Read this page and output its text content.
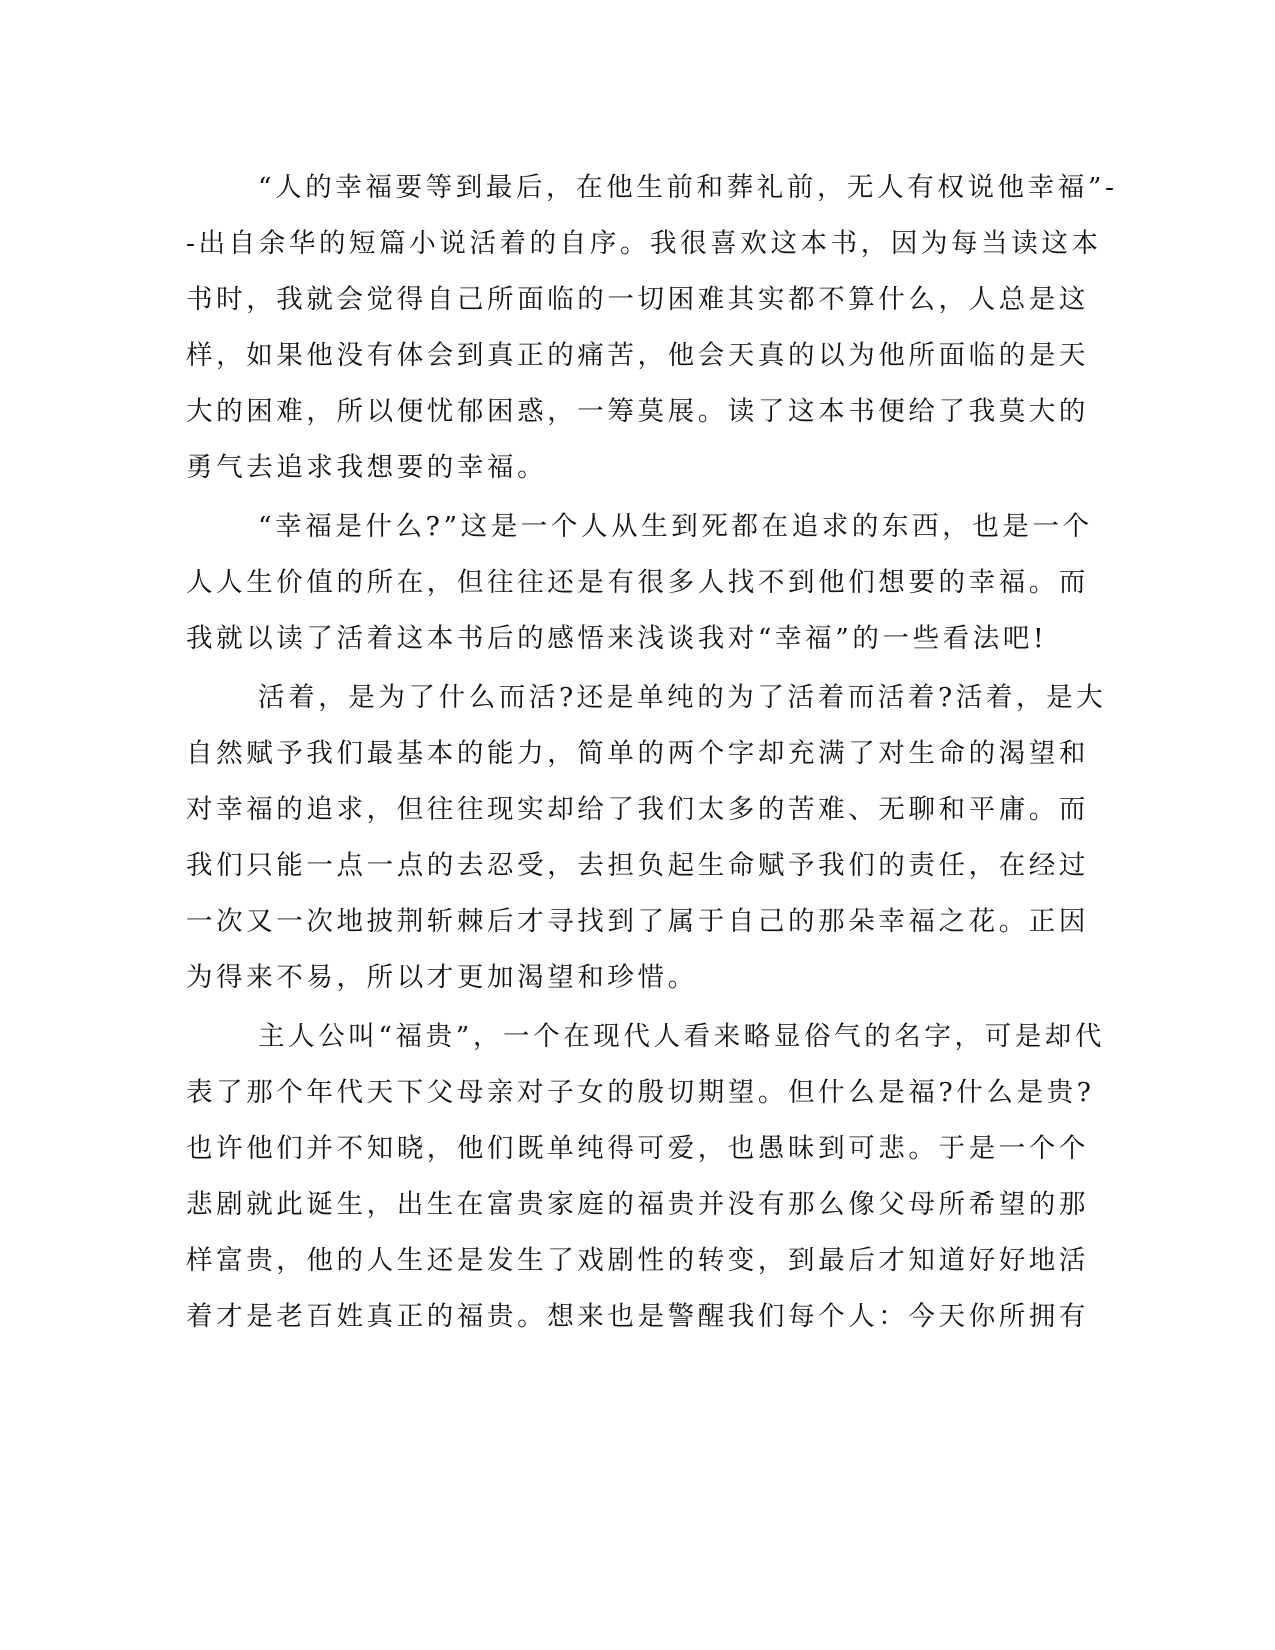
“人的幸福要等到最后，在他生前和葬礼前，无人有权说他幸福”-
-出自余华的短篇小说活着的自序。我很喜欢这本书，因为每当读这本
书时，我就会觉得自己所面临的一切困难其实都不算什么，人总是这
样，如果他没有体会到真正的痛苦，他会天真的以为他所面临的是天
大的困难，所以便忧郁困惑，一筹莫展。读了这本书便给了我莫大的
勇气去追求我想要的幸福。
“幸福是什么?”这是一个人从生到死都在追求的东西，也是一个
人人生价值的所在，但往往还是有很多人找不到他们想要的幸福。而
我就以读了活着这本书后的感悟来浅谈我对“幸福”的一些看法吧!
活着，是为了什么而活?还是单纯的为了活着而活着?活着，是大
自然赋予我们最基本的能力，简单的两个字却充满了对生命的渴望和
对幸福的追求，但往往现实却给了我们太多的苦难、无聊和平庸。而
我们只能一点一点的去忍受，去担负起生命赋予我们的责任，在经过
一次又一次地披荆斩棘后才寻找到了属于自己的那朵幸福之花。正因
为得来不易，所以才更加渴望和珍惜。
主人公叫“福贵”，一个在现代人看来略显俗气的名字，可是却代
表了那个年代天下父母亲对子女的殷切期望。但什么是福?什么是贵?
也许他们并不知晓，他们既单纯得可爱，也愚昧到可悲。于是一个个
悲剧就此诞生，出生在富贵家庭的福贵并没有那么像父母所希望的那
样富贵，他的人生还是发生了戏剧性的转变，到最后才知道好好地活
着才是老百姓真正的福贵。想来也是警醒我们每个人：今天你所拥有
